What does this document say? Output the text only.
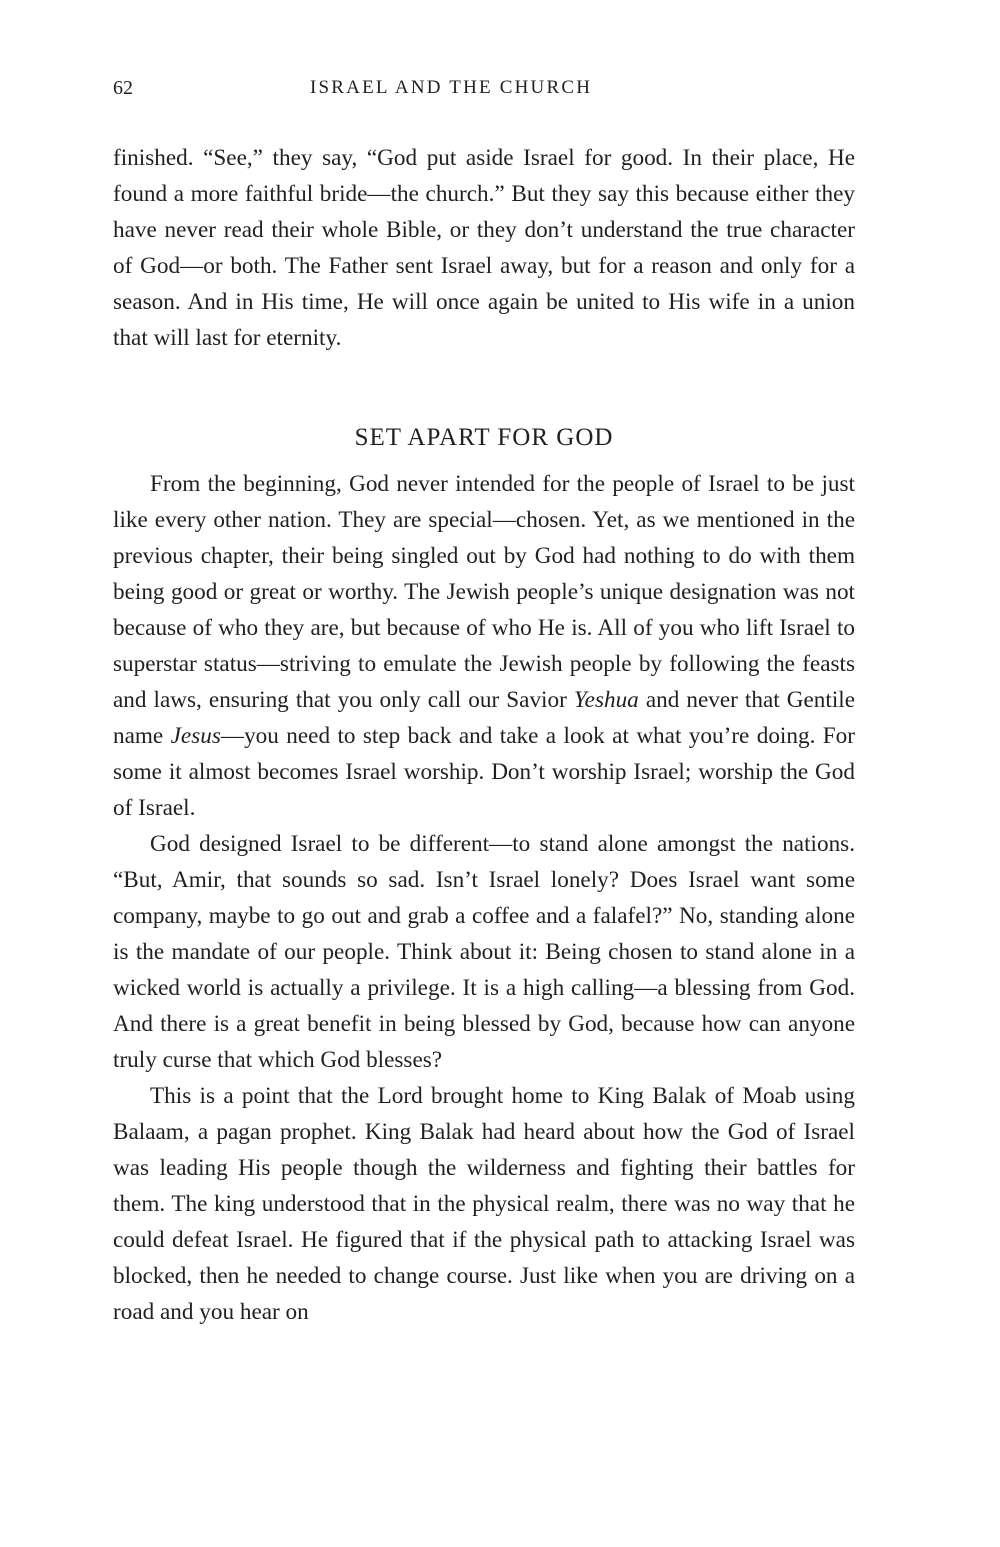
62	ISRAEL AND THE CHURCH

finished. “See,” they say, “God put aside Israel for good. In their place, He found a more faithful bride—the church.” But they say this because either they have never read their whole Bible, or they don’t understand the true character of God—or both. The Father sent Israel away, but for a reason and only for a season. And in His time, He will once again be united to His wife in a union that will last for eternity.

SET APART FOR GOD

From the beginning, God never intended for the people of Israel to be just like every other nation. They are special—chosen. Yet, as we mentioned in the previous chapter, their being singled out by God had nothing to do with them being good or great or worthy. The Jewish people’s unique designation was not because of who they are, but because of who He is. All of you who lift Israel to superstar status—striving to emulate the Jewish people by following the feasts and laws, ensuring that you only call our Savior Yeshua and never that Gentile name Jesus—you need to step back and take a look at what you’re doing. For some it almost becomes Israel worship. Don’t worship Israel; worship the God of Israel.

God designed Israel to be different—to stand alone amongst the nations. “But, Amir, that sounds so sad. Isn’t Israel lonely? Does Israel want some company, maybe to go out and grab a coffee and a falafel?” No, standing alone is the mandate of our people. Think about it: Being chosen to stand alone in a wicked world is actually a privilege. It is a high calling—a blessing from God. And there is a great benefit in being blessed by God, because how can anyone truly curse that which God blesses?

This is a point that the Lord brought home to King Balak of Moab using Balaam, a pagan prophet. King Balak had heard about how the God of Israel was leading His people though the wilderness and fighting their battles for them. The king understood that in the physical realm, there was no way that he could defeat Israel. He figured that if the physical path to attacking Israel was blocked, then he needed to change course. Just like when you are driving on a road and you hear on
